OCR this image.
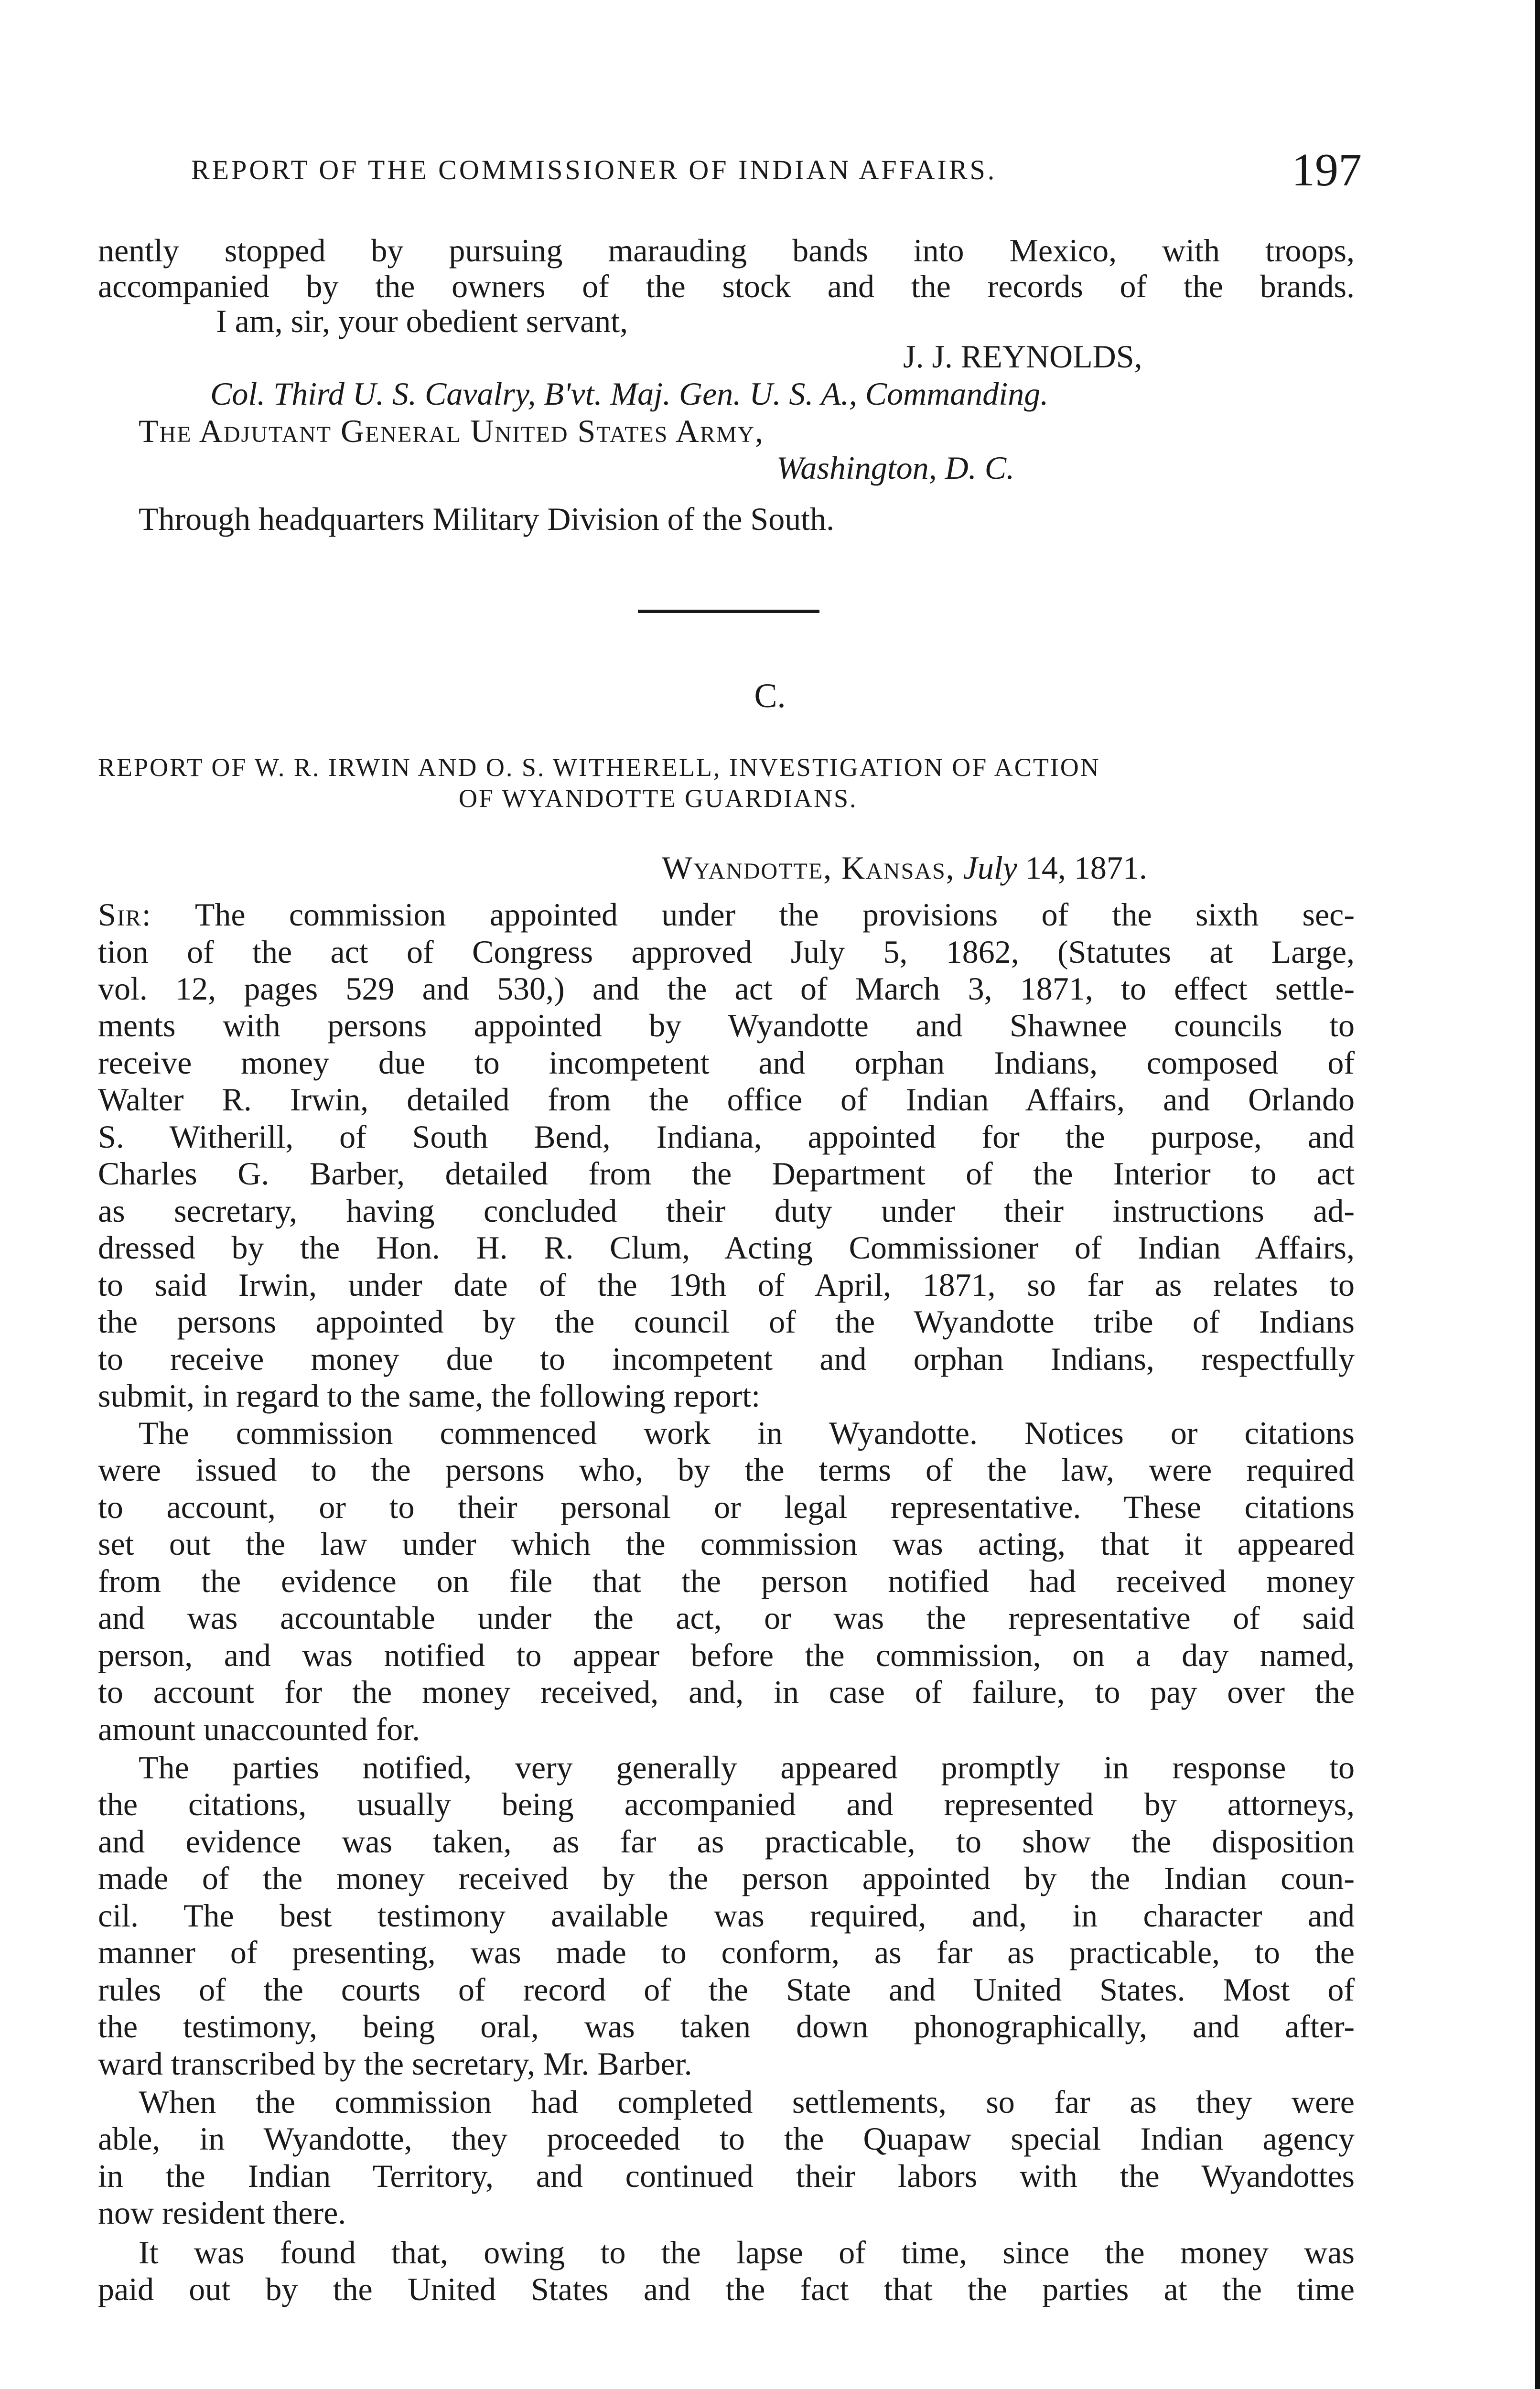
REPORT OF THE COMMISSIONER OF INDIAN AFFAIRS.	197
nently stopped by pursuing marauding bands into Mexico, with troops,
accompanied by the owners of the stock and the records of the brands.
I am, sir, your obedient servant,
J. J. REYNOLDS,
Col. Third U. S. Cavalry, B'vt. Maj. Gen. U. S. A., Commanding.
The Adjutant General United States Army,
Washington, D. C.
Through headquarters Military Division of the South.
C.
REPORT OF W. R. IRWIN AND O. S. WITHERELL, INVESTIGATION OF ACTION
OF WYANDOTTE GUARDIANS.
Wyandotte, Kansas, July 14, 1871.
Sir: The commission appointed under the provisions of the sixth sec-
tion of the act of Congress approved July 5, 1862, (Statutes at Large,
vol. 12, pages 529 and 530,) and the act of March 3, 1871, to effect settle-
ments with persons appointed by Wyandotte and Shawnee councils to
receive money due to incompetent and orphan Indians, composed of
Walter R. Irwin, detailed from the office of Indian Affairs, and Orlando
S. Witherill, of South Bend, Indiana, appointed for the purpose, and
Charles G. Barber, detailed from the Department of the Interior to act
as secretary, having concluded their duty under their instructions ad-
dressed by the Hon. H. R. Clum, Acting Commissioner of Indian Affairs,
to said Irwin, under date of the 19th of April, 1871, so far as relates to
the persons appointed by the council of the Wyandotte tribe of Indians
to receive money due to incompetent and orphan Indians, respectfully
submit, in regard to the same, the following report:
The commission commenced work in Wyandotte. Notices or citations
were issued to the persons who, by the terms of the law, were required
to account, or to their personal or legal representative. These citations
set out the law under which the commission was acting, that it appeared
from the evidence on file that the person notified had received money
and was accountable under the act, or was the representative of said
person, and was notified to appear before the commission, on a day named,
to account for the money received, and, in case of failure, to pay over the
amount unaccounted for.
The parties notified, very generally appeared promptly in response to
the citations, usually being accompanied and represented by attorneys,
and evidence was taken, as far as practicable, to show the disposition
made of the money received by the person appointed by the Indian coun-
cil. The best testimony available was required, and, in character and
manner of presenting, was made to conform, as far as practicable, to the
rules of the courts of record of the State and United States. Most of
the testimony, being oral, was taken down phonographically, and after-
ward transcribed by the secretary, Mr. Barber.
When the commission had completed settlements, so far as they were
able, in Wyandotte, they proceeded to the Quapaw special Indian agency
in the Indian Territory, and continued their labors with the Wyandottes
now resident there.
It was found that, owing to the lapse of time, since the money was
paid out by the United States and the fact that the parties at the time
